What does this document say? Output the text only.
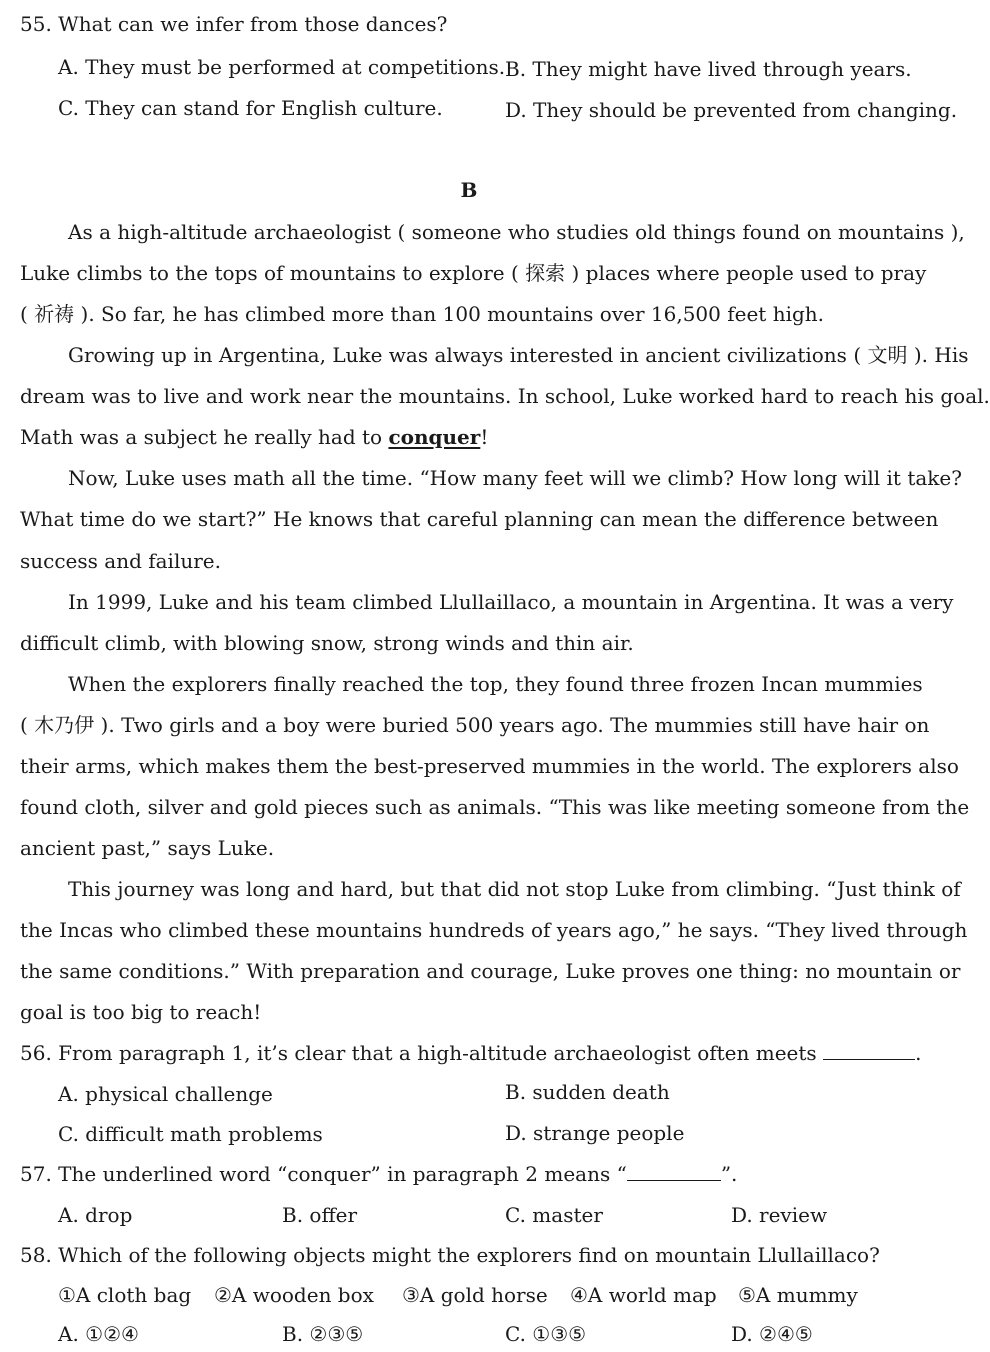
55. What can we infer from those dances?
A. They must be performed at competitions. B. They might have lived through years.
C. They can stand for English culture.	D. They should be prevented from changing.
B
As a high-altitude archaeologist ( someone who studies old things found on mountains ),
Luke climbs to the tops of mountains to explore ( 探索 ) places where people used to pray
( 祈祷 ). So far, he has climbed more than 100 mountains over 16,500 feet high.
Growing up in Argentina, Luke was always interested in ancient civilizations ( 文明 ). His
dream was to live and work near the mountains. In school, Luke worked hard to reach his goal.
Math was a subject he really had to conquer!
Now, Luke uses math all the time. “How many feet will we climb? How long will it take?
What time do we start?” He knows that careful planning can mean the difference between
success and failure.
In 1999, Luke and his team climbed Llullaillaco, a mountain in Argentina. It was a very
difficult climb, with blowing snow, strong winds and thin air.
When the explorers finally reached the top, they found three frozen Incan mummies
( 木乃伊 ). Two girls and a boy were buried 500 years ago. The mummies still have hair on
their arms, which makes them the best-preserved mummies in the world. The explorers also
found cloth, silver and gold pieces such as animals. “This was like meeting someone from the
ancient past,” says Luke.
This journey was long and hard, but that did not stop Luke from climbing. “Just think of
the Incas who climbed these mountains hundreds of years ago,” he says. “They lived through
the same conditions.” With preparation and courage, Luke proves one thing: no mountain or
goal is too big to reach!
56. From paragraph 1, it’s clear that a high-altitude archaeologist often meets	.
A. physical challenge	B. sudden death
C. difficult math problems	D. strange people
57. The underlined word “conquer” in paragraph 2 means “	”.
A. drop	B. offer	C. master	D. review
58. Which of the following objects might the explorers find on mountain Llullaillaco?
①A cloth bag ②A wooden box ③A gold horse ④A world map ⑤A mummy
A. ①②④	B. ②③⑤	C. ①③⑤	D. ②④⑤
